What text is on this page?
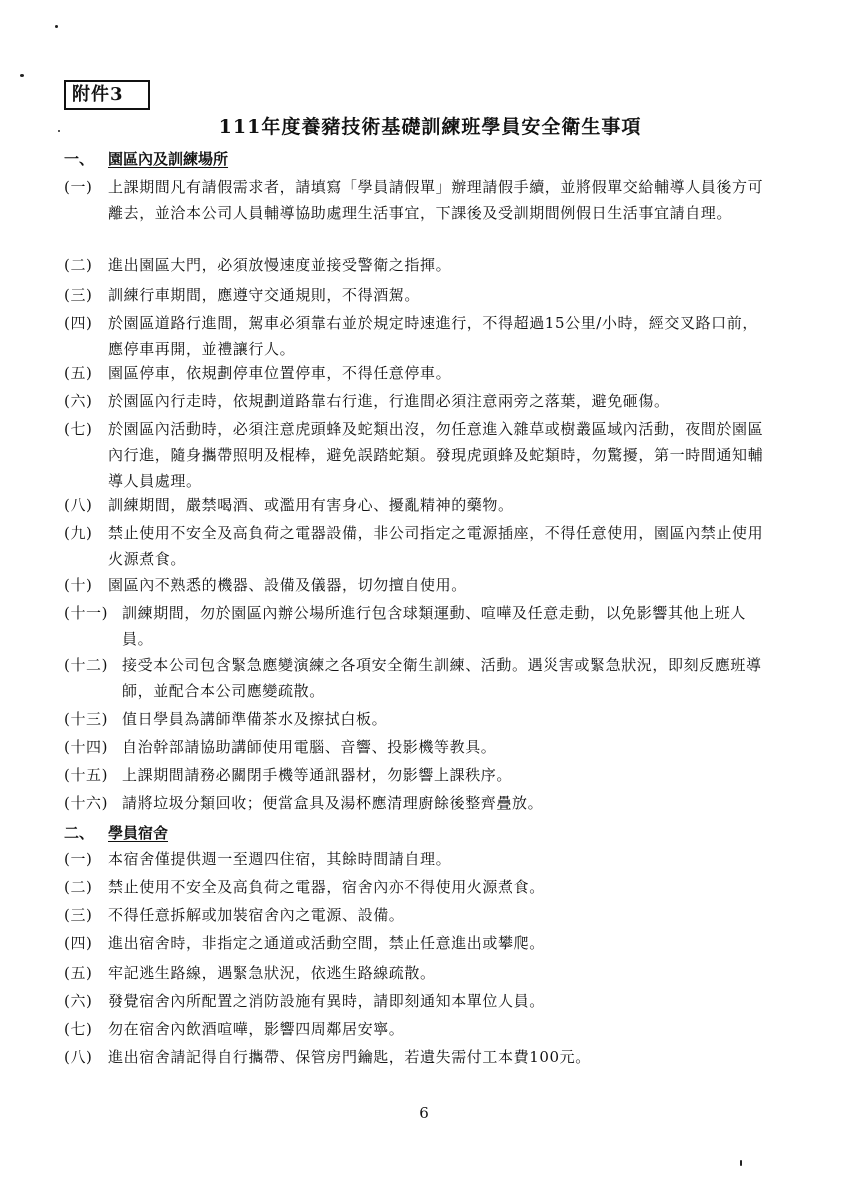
附件3
111年度養豬技術基礎訓練班學員安全衛生事項
一、 園區內及訓練場所
(一) 上課期間凡有請假需求者，請填寫「學員請假單」辦理請假手續，並將假單交給輔導人員後方可離去，並洽本公司人員輔導協助處理生活事宜，下課後及受訓期間例假日生活事宜請自理。
(二) 進出園區大門，必須放慢速度並接受警衛之指揮。
(三) 訓練行車期間，應遵守交通規則，不得酒駕。
(四) 於園區道路行進間，駕車必須靠右並於規定時速進行，不得超過15公里/小時，經交叉路口前，應停車再開，並禮讓行人。
(五) 園區停車，依規劃停車位置停車，不得任意停車。
(六) 於園區內行走時，依規劃道路靠右行進，行進間必須注意兩旁之落葉，避免砸傷。
(七) 於園區內活動時，必須注意虎頭蜂及蛇類出沒，勿任意進入雜草或樹叢區域內活動，夜間於園區內行進，隨身攜帶照明及棍棒，避免誤踏蛇類。發現虎頭蜂及蛇類時，勿驚擾，第一時間通知輔導人員處理。
(八) 訓練期間，嚴禁喝酒、或濫用有害身心、擾亂精神的藥物。
(九) 禁止使用不安全及高負荷之電器設備，非公司指定之電源插座，不得任意使用，園區內禁止使用火源煮食。
(十) 園區內不熟悉的機器、設備及儀器，切勿擅自使用。
(十一) 訓練期間，勿於園區內辦公場所進行包含球類運動、喧嘩及任意走動，以免影響其他上班人員。
(十二) 接受本公司包含緊急應變演練之各項安全衛生訓練、活動。遇災害或緊急狀況，即刻反應班導師，並配合本公司應變疏散。
(十三) 值日學員為講師準備茶水及擦拭白板。
(十四) 自治幹部請協助講師使用電腦、音響、投影機等教具。
(十五) 上課期間請務必關閉手機等通訊器材，勿影響上課秩序。
(十六) 請將垃圾分類回收；便當盒具及湯杯應清理廚餘後整齊疊放。
二、 學員宿舍
(一) 本宿舍僅提供週一至週四住宿，其餘時間請自理。
(二) 禁止使用不安全及高負荷之電器，宿舍內亦不得使用火源煮食。
(三) 不得任意拆解或加裝宿舍內之電源、設備。
(四) 進出宿舍時，非指定之通道或活動空間，禁止任意進出或攀爬。
(五) 牢記逃生路線，遇緊急狀況，依逃生路線疏散。
(六) 發覺宿舍內所配置之消防設施有異時，請即刻通知本單位人員。
(七) 勿在宿舍內飲酒喧嘩，影響四周鄰居安寧。
(八) 進出宿舍請記得自行攜帶、保管房門鑰匙，若遺失需付工本費100元。
6
